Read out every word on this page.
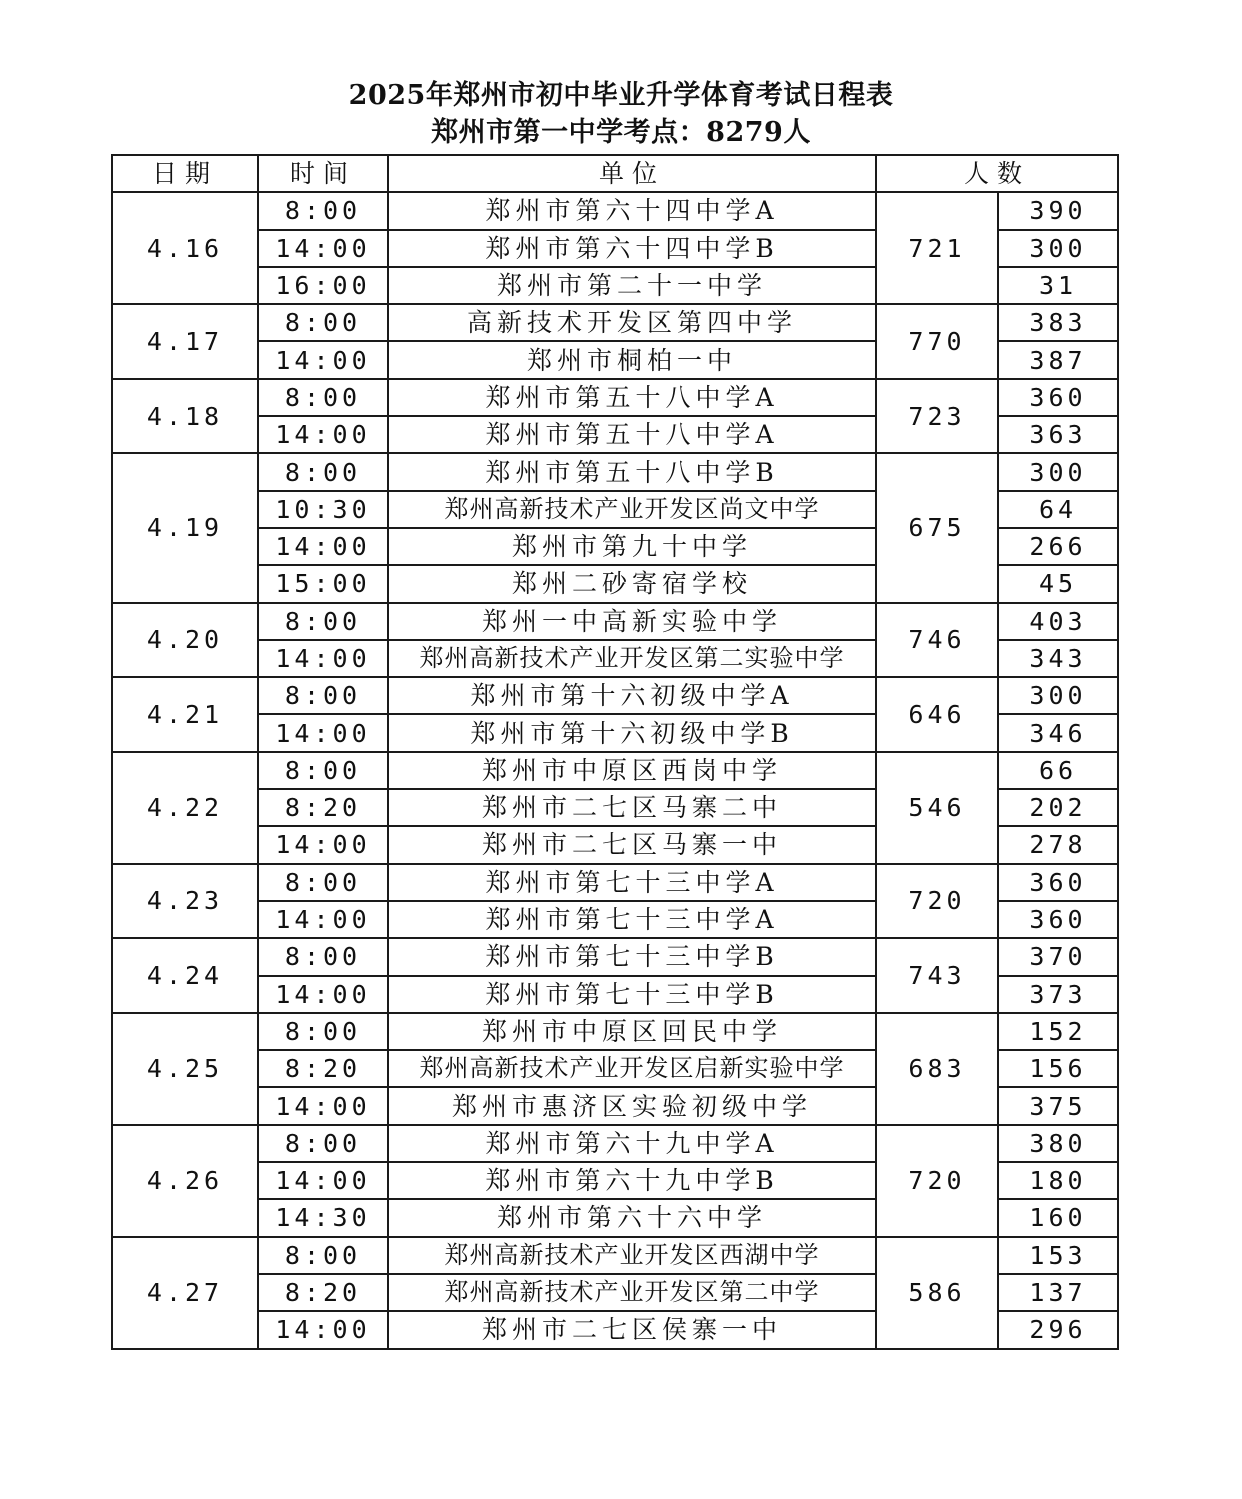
2025年郑州市初中毕业升学体育考试日程表
郑州市第一中学考点：8279人
日期	时间	单位	人数	
4.16	8:00	郑州市第六十四中学A	721	390
	14:00	郑州市第六十四中学B		300
	16:00	郑州市第二十一中学		31
4.17	8:00	高新技术开发区第四中学	770	383
	14:00	郑州市桐柏一中		387
4.18	8:00	郑州市第五十八中学A	723	360
	14:00	郑州市第五十八中学A		363
4.19	8:00	郑州市第五十八中学B	675	300
	10:30	郑州高新技术产业开发区尚文中学		64
	14:00	郑州市第九十中学		266
	15:00	郑州二砂寄宿学校		45
4.20	8:00	郑州一中高新实验中学	746	403
	14:00	郑州高新技术产业开发区第二实验中学		343
4.21	8:00	郑州市第十六初级中学A	646	300
	14:00	郑州市第十六初级中学B		346
4.22	8:00	郑州市中原区西岗中学	546	66
	8:20	郑州市二七区马寨二中		202
	14:00	郑州市二七区马寨一中		278
4.23	8:00	郑州市第七十三中学A	720	360
	14:00	郑州市第七十三中学A		360
4.24	8:00	郑州市第七十三中学B	743	370
	14:00	郑州市第七十三中学B		373
4.25	8:00	郑州市中原区回民中学	683	152
	8:20	郑州高新技术产业开发区启新实验中学		156
	14:00	郑州市惠济区实验初级中学		375
4.26	8:00	郑州市第六十九中学A	720	380
	14:00	郑州市第六十九中学B		180
	14:30	郑州市第六十六中学		160
4.27	8:00	郑州高新技术产业开发区西湖中学	586	153
	8:20	郑州高新技术产业开发区第二中学		137
	14:00	郑州市二七区侯寨一中		296
